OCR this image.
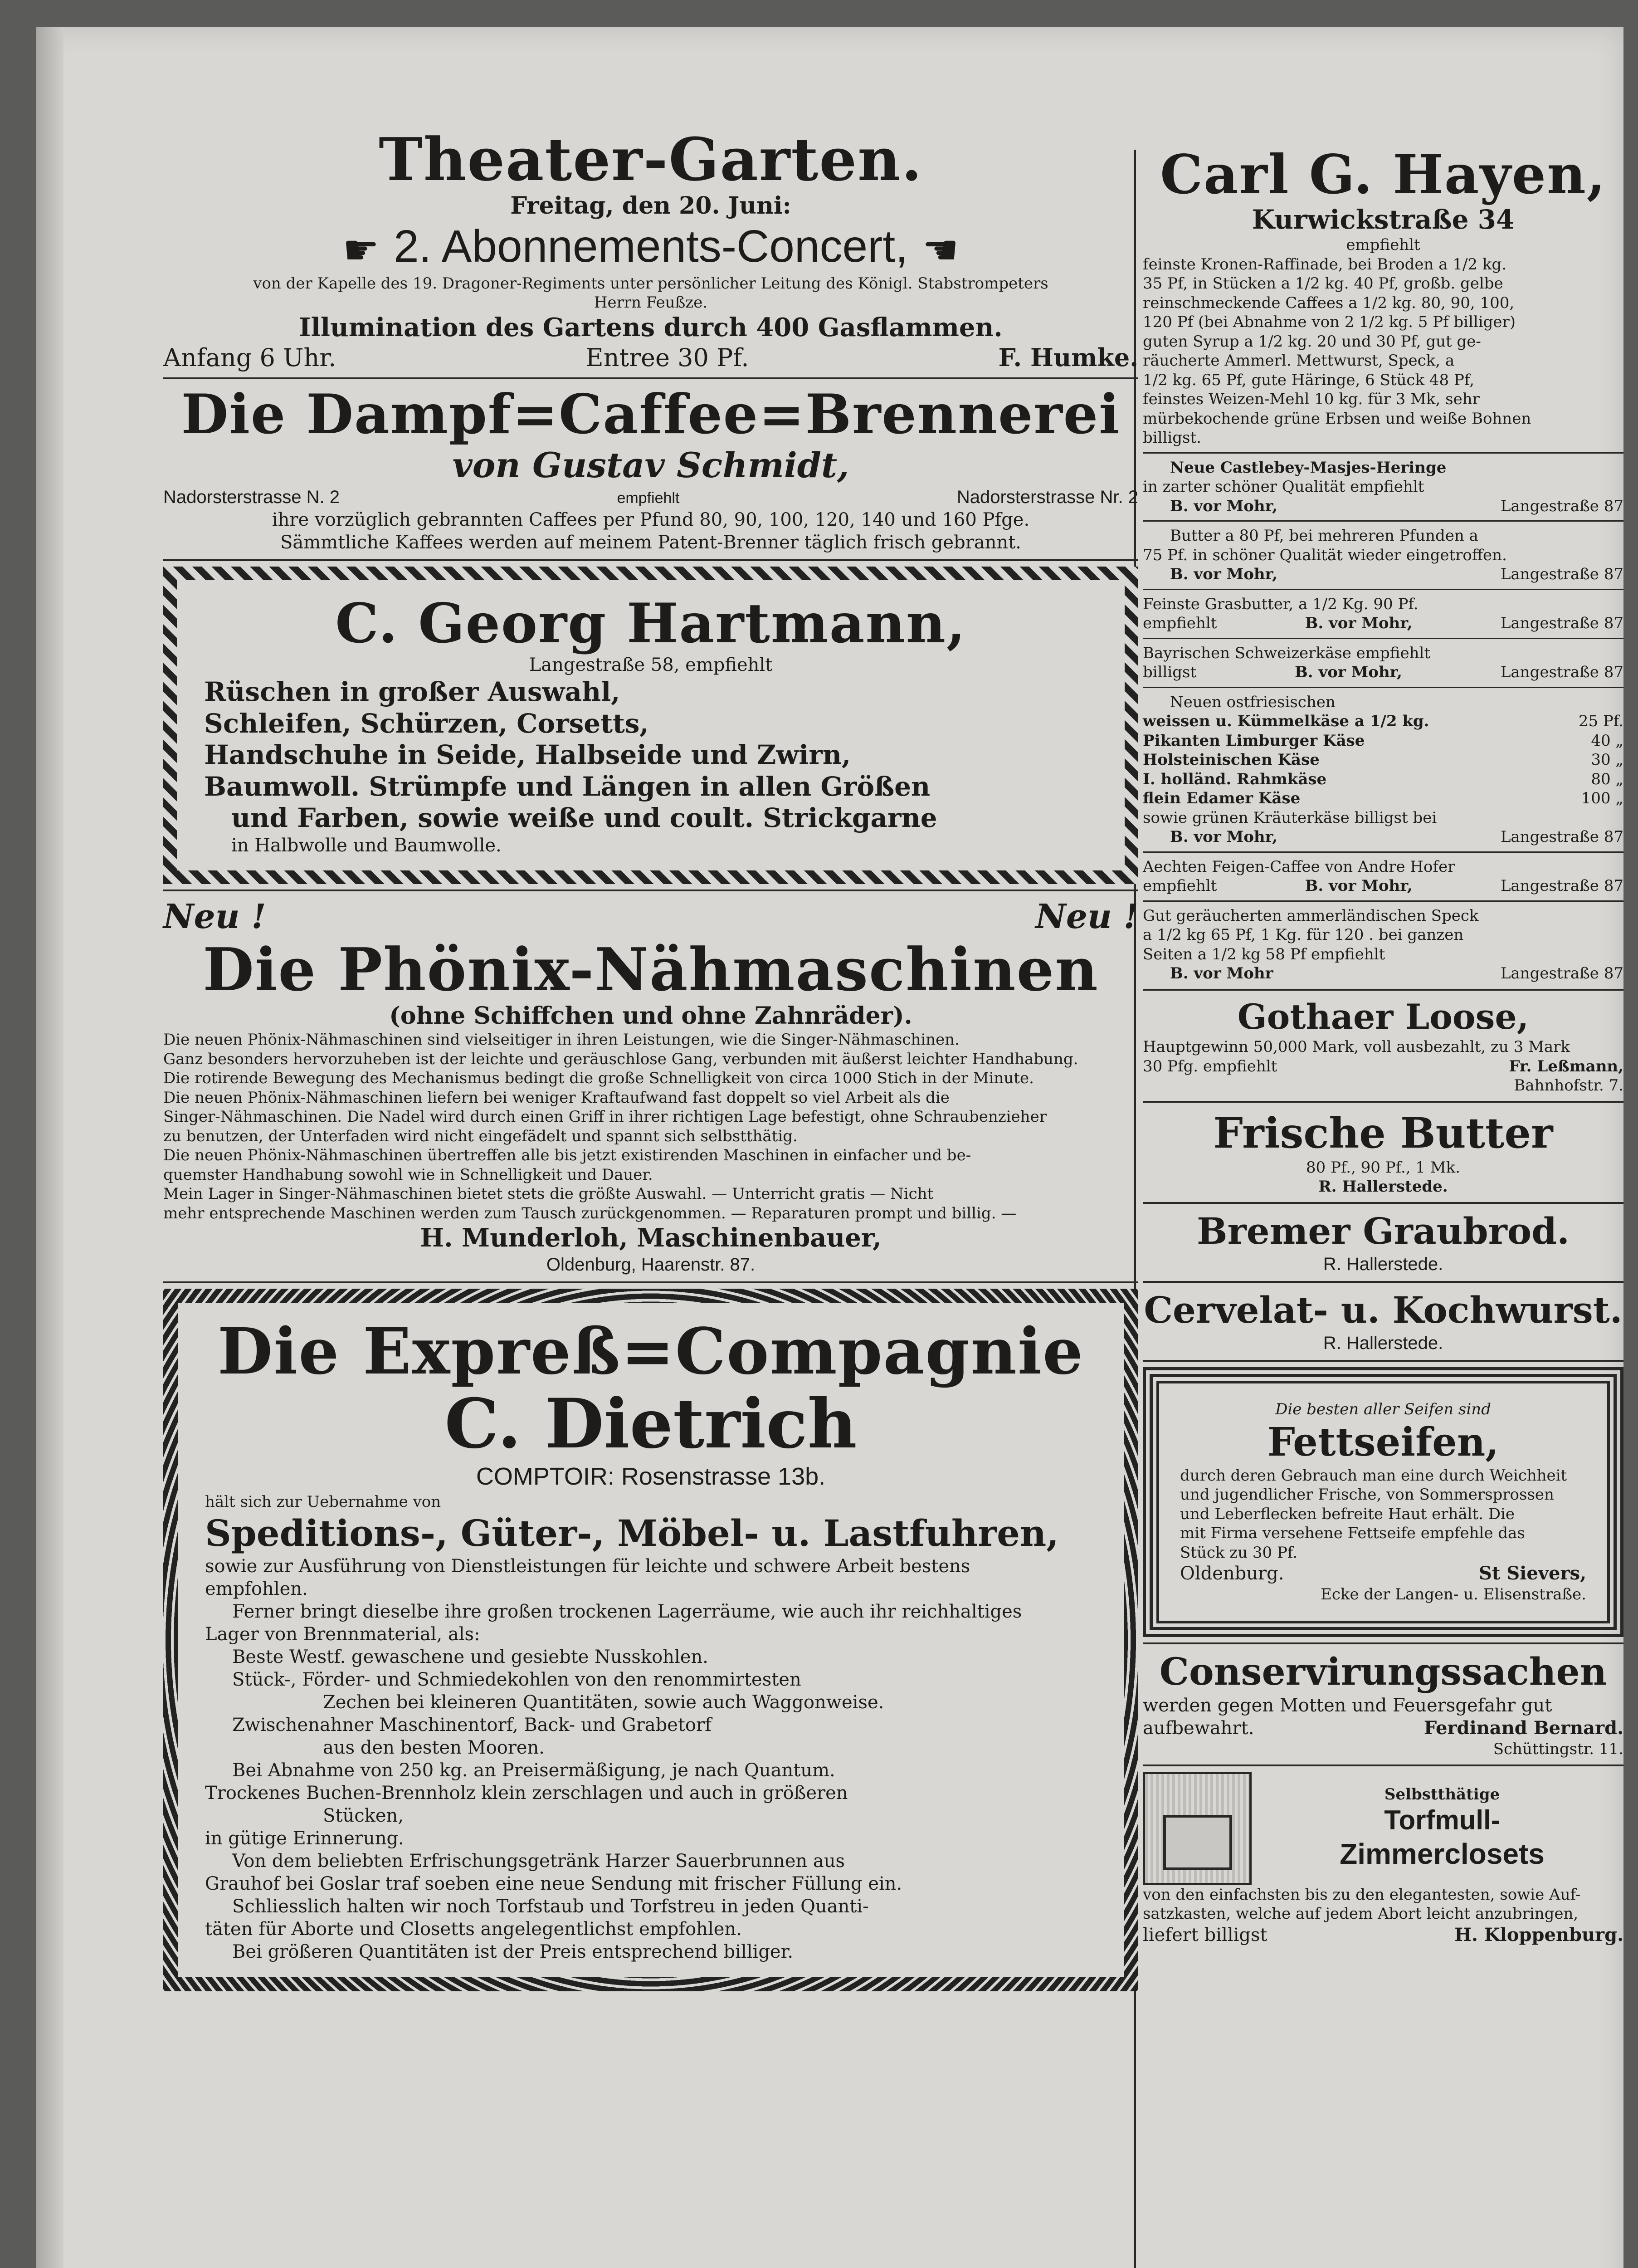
Theater-Garten.
Freitag, den 20. Juni:
☛ 2. Abonnements-Concert, ☚
von der Kapelle des 19. Dragoner-Regiments unter persönlicher Leitung des Königl. Stabstrompeters
Herrn Feußze.
Illumination des Gartens durch 400 Gasflammen.
Anfang 6 Uhr.	Entree 30 Pf.	F. Humke.
Die Dampf=Caffee=Brennerei
von Gustav Schmidt,
Nadorsterstrasse N. 2	empfiehlt	Nadorsterstrasse Nr. 2
ihre vorzüglich gebrannten Caffees per Pfund 80, 90, 100, 120, 140 und 160 Pfge.
Sämmtliche Kaffees werden auf meinem Patent-Brenner täglich frisch gebrannt.
C. Georg Hartmann,
Langestraße 58, empfiehlt
Rüschen in großer Auswahl,
Schleifen, Schürzen, Corsetts,
Handschuhe in Seide, Halbseide und Zwirn,
Baumwoll. Strümpfe und Längen in allen Größen
und Farben, sowie weiße und coult. Strickgarne
in Halbwolle und Baumwolle.
Neu !	Neu !
Die Phönix-Nähmaschinen
(ohne Schiffchen und ohne Zahnräder).
Die neuen Phönix-Nähmaschinen sind vielseitiger in ihren Leistungen, wie die Singer-Nähmaschinen.
Ganz besonders hervorzuheben ist der leichte und geräuschlose Gang, verbunden mit äußerst leichter Handhabung.
Die rotirende Bewegung des Mechanismus bedingt die große Schnelligkeit von circa 1000 Stich in der Minute.
Die neuen Phönix-Nähmaschinen liefern bei weniger Kraftaufwand fast doppelt so viel Arbeit als die
Singer-Nähmaschinen. Die Nadel wird durch einen Griff in ihrer richtigen Lage befestigt, ohne Schraubenzieher
zu benutzen, der Unterfaden wird nicht eingefädelt und spannt sich selbstthätig.
Die neuen Phönix-Nähmaschinen übertreffen alle bis jetzt existirenden Maschinen in einfacher und be-
quemster Handhabung sowohl wie in Schnelligkeit und Dauer.
Mein Lager in Singer-Nähmaschinen bietet stets die größte Auswahl. — Unterricht gratis — Nicht
mehr entsprechende Maschinen werden zum Tausch zurückgenommen. — Reparaturen prompt und billig. —
H. Munderloh, Maschinenbauer,
Oldenburg, Haarenstr. 87.
Die Expreß=Compagnie
C. Dietrich
COMPTOIR: Rosenstrasse 13b.
hält sich zur Uebernahme von
Speditions-, Güter-, Möbel- u. Lastfuhren,
sowie zur Ausführung von Dienstleistungen für leichte und schwere Arbeit bestens
empfohlen.
Ferner bringt dieselbe ihre großen trockenen Lagerräume, wie auch ihr reichhaltiges
Lager von Brennmaterial, als:
Beste Westf. gewaschene und gesiebte Nusskohlen.
Stück-, Förder- und Schmiedekohlen von den renommirtesten
Zechen bei kleineren Quantitäten, sowie auch Waggonweise.
Zwischenahner Maschinentorf, Back- und Grabetorf
aus den besten Mooren.
Bei Abnahme von 250 kg. an Preisermäßigung, je nach Quantum.
Trockenes Buchen-Brennholz klein zerschlagen und auch in größeren
Stücken,
in gütige Erinnerung.
Von dem beliebten Erfrischungsgetränk Harzer Sauerbrunnen aus
Grauhof bei Goslar traf soeben eine neue Sendung mit frischer Füllung ein.
Schliesslich halten wir noch Torfstaub und Torfstreu in jeden Quanti-
täten für Aborte und Closetts angelegentlichst empfohlen.
Bei größeren Quantitäten ist der Preis entsprechend billiger.
Carl G. Hayen,
Kurwickstraße 34
empfiehlt
feinste Kronen-Raffinade, bei Broden a 1/2 kg.
35 Pf, in Stücken a 1/2 kg. 40 Pf, großb. gelbe
reinschmeckende Caffees a 1/2 kg. 80, 90, 100,
120 Pf (bei Abnahme von 2 1/2 kg. 5 Pf billiger)
guten Syrup a 1/2 kg. 20 und 30 Pf, gut ge-
räucherte Ammerl. Mettwurst, Speck, a
1/2 kg. 65 Pf, gute Häringe, 6 Stück 48 Pf,
feinstes Weizen-Mehl 10 kg. für 3 Mk, sehr
mürbekochende grüne Erbsen und weiße Bohnen
billigst.
Neue Castlebey-Masjes-Heringe
in zarter schöner Qualität empfiehlt
B. vor Mohr,	Langestraße 87
Butter a 80 Pf, bei mehreren Pfunden a
75 Pf. in schöner Qualität wieder eingetroffen.
B. vor Mohr,	Langestraße 87
Feinste Grasbutter, a 1/2 Kg. 90 Pf.
empfiehlt	B. vor Mohr,	Langestraße 87
Bayrischen Schweizerkäse empfiehlt
billigst	B. vor Mohr,	Langestraße 87
Neuen ostfriesischen
weissen u. Kümmelkäse a 1/2 kg.	25 Pf.
Pikanten Limburger Käse	40 „
Holsteinischen Käse	30 „
I. holländ. Rahmkäse	80 „
flein Edamer Käse	100 „
sowie grünen Kräuterkäse billigst bei
B. vor Mohr,	Langestraße 87
Aechten Feigen-Caffee von Andre Hofer
empfiehlt	B. vor Mohr,	Langestraße 87
Gut geräucherten ammerländischen Speck
a 1/2 kg 65 Pf, 1 Kg. für 120 . bei ganzen
Seiten a 1/2 kg 58 Pf empfiehlt
B. vor Mohr	Langestraße 87
Gothaer Loose,
Hauptgewinn 50,000 Mark, voll ausbezahlt, zu 3 Mark
30 Pfg. empfiehlt	Fr. Leßmann,
Bahnhofstr. 7.
Frische Butter
80 Pf., 90 Pf., 1 Mk.
R. Hallerstede.
Bremer Graubrod.
R. Hallerstede.
Cervelat- u. Kochwurst.
R. Hallerstede.
Die besten aller Seifen sind
Fettseifen,
durch deren Gebrauch man eine durch Weichheit
und jugendlicher Frische, von Sommersprossen
und Leberflecken befreite Haut erhält. Die
mit Firma versehene Fettseife empfehle das
Stück zu 30 Pf.
Oldenburg.	St Sievers,
Ecke der Langen- u. Elisenstraße.
Conservirungssachen
werden gegen Motten und Feuersgefahr gut
aufbewahrt.	Ferdinand Bernard.
Schüttingstr. 11.
Selbstthätige
Torfmull-
Zimmerclosets
von den einfachsten bis zu den elegantesten, sowie Auf-
satzkasten, welche auf jedem Abort leicht anzubringen,
liefert billigst	H. Kloppenburg.
